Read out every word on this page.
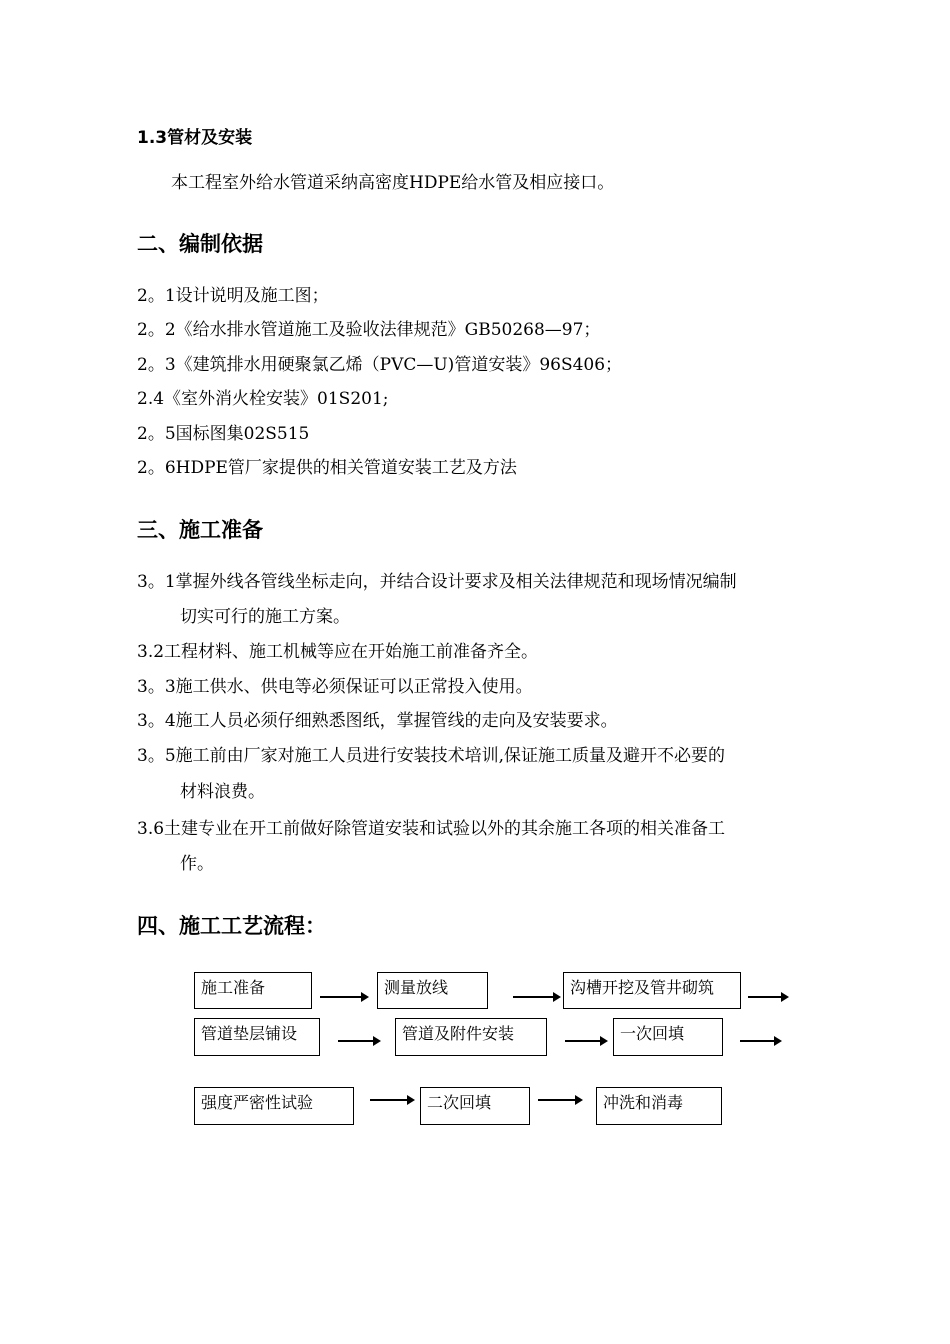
1.3管材及安装
本工程室外给水管道采纳高密度HDPE给水管及相应接口。
二、编制依据
2。1设计说明及施工图；
2。2《给水排水管道施工及验收法律规范》GB50268—97；
2。3《建筑排水用硬聚氯乙烯（PVC—U)管道安装》96S406；
2.4《室外消火栓安装》01S201;
2。5国标图集02S515
2。6HDPE管厂家提供的相关管道安装工艺及方法
三、施工准备
3。1掌握外线各管线坐标走向，并结合设计要求及相关法律规范和现场情况编制
切实可行的施工方案。
3.2工程材料、施工机械等应在开始施工前准备齐全。
3。3施工供水、供电等必须保证可以正常投入使用。
3。4施工人员必须仔细熟悉图纸，掌握管线的走向及安装要求。
3。5施工前由厂家对施工人员进行安装技术培训,保证施工质量及避开不必要的
材料浪费。
3.6土建专业在开工前做好除管道安装和试验以外的其余施工各项的相关准备工
作。
四、施工工艺流程：
施工准备	测量放线	沟槽开挖及管井砌筑
管道垫层铺设	管道及附件安装	一次回填
强度严密性试验	二次回填	冲洗和消毒
